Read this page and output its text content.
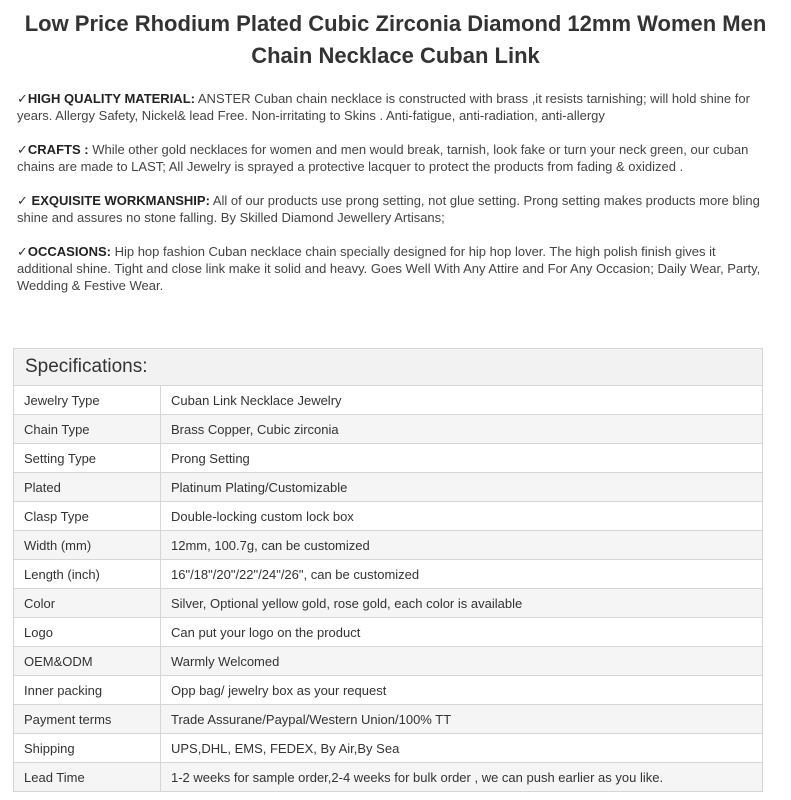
Low Price Rhodium Plated Cubic Zirconia Diamond 12mm Women Men Chain Necklace Cuban Link

✓HIGH QUALITY MATERIAL: ANSTER Cuban chain necklace is constructed with brass ,it resists tarnishing; will hold shine for years. Allergy Safety, Nickel& lead Free. Non-irritating to Skins . Anti-fatigue, anti-radiation, anti-allergy

✓CRAFTS : While other gold necklaces for women and men would break, tarnish, look fake or turn your neck green, our cuban chains are made to LAST; All Jewelry is sprayed a protective lacquer to protect the products from fading & oxidized .

✓ EXQUISITE WORKMANSHIP: All of our products use prong setting, not glue setting. Prong setting makes products more bling shine and assures no stone falling. By Skilled Diamond Jewellery Artisans;

✓OCCASIONS: Hip hop fashion Cuban necklace chain specially designed for hip hop lover. The high polish finish gives it additional shine. Tight and close link make it solid and heavy. Goes Well With Any Attire and For Any Occasion; Daily Wear, Party, Wedding & Festive Wear.

Specifications:	
Jewelry Type	Cuban Link Necklace Jewelry
Chain Type	Brass Copper, Cubic zirconia
Setting Type	Prong Setting
Plated	Platinum Plating/Customizable
Clasp Type	Double-locking custom lock box
Width (mm)	12mm, 100.7g, can be customized
Length (inch)	16"/18"/20"/22"/24"/26", can be customized
Color	Silver, Optional yellow gold, rose gold, each color is available
Logo	Can put your logo on the product
OEM&ODM	Warmly Welcomed
Inner packing	Opp bag/ jewelry box as your request
Payment terms	Trade Assurane/Paypal/Western Union/100% TT
Shipping	UPS,DHL, EMS, FEDEX, By Air,By Sea
Lead Time	1-2 weeks for sample order,2-4 weeks for bulk order , we can push earlier as you like.
